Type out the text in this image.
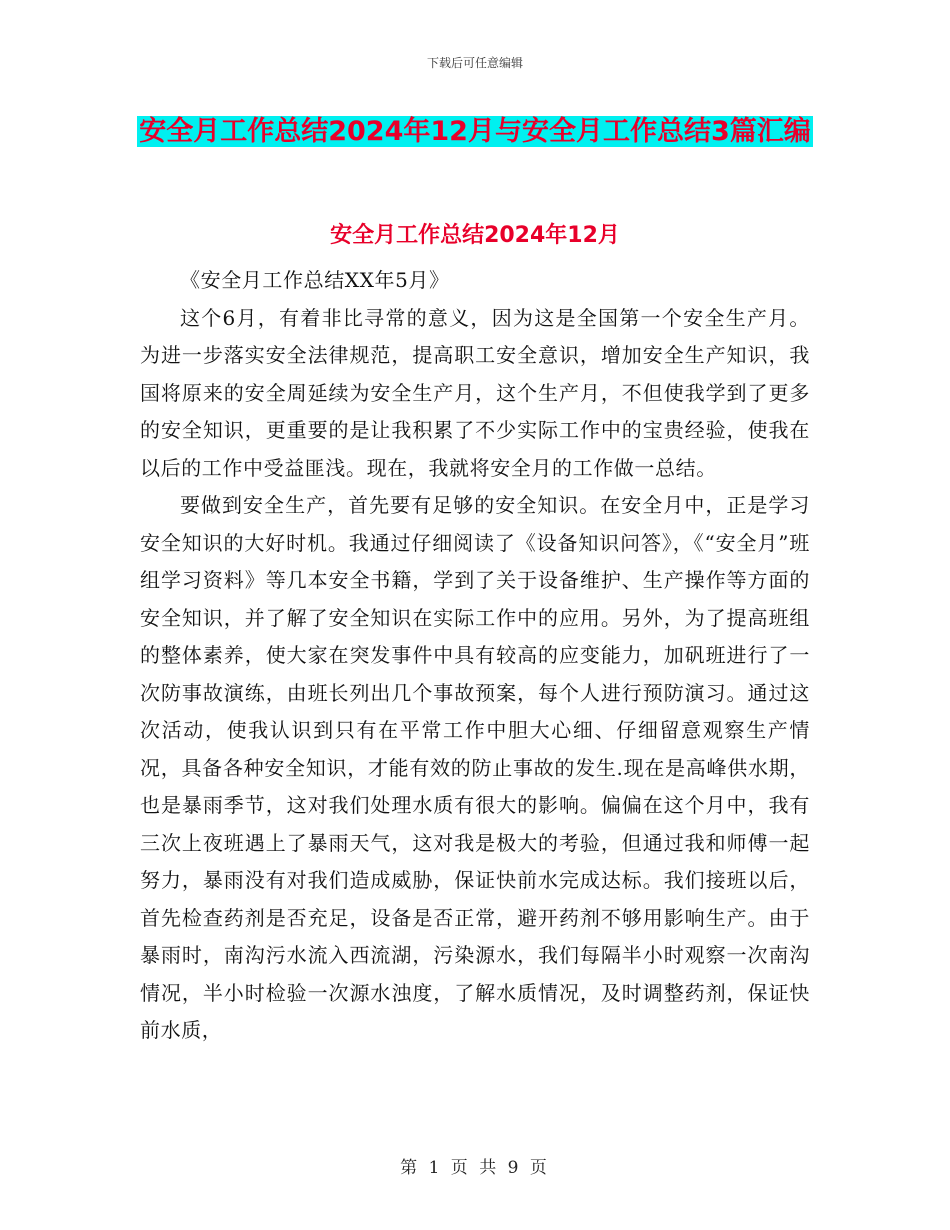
下载后可任意编辑
安全月工作总结2024年12月与安全月工作总结3篇汇编
安全月工作总结2024年12月

《安全月工作总结XX年5月》

这个6月，有着非比寻常的意义，因为这是全国第一个安全生产月。为进一步落实安全法律规范，提高职工安全意识，增加安全生产知识，我国将原来的安全周延续为安全生产月，这个生产月，不但使我学到了更多的安全知识，更重要的是让我积累了不少实际工作中的宝贵经验，使我在以后的工作中受益匪浅。现在，我就将安全月的工作做一总结。

要做到安全生产，首先要有足够的安全知识。在安全月中，正是学习安全知识的大好时机。我通过仔细阅读了《设备知识问答》，《“安全月”班组学习资料》等几本安全书籍，学到了关于设备维护、生产操作等方面的安全知识，并了解了安全知识在实际工作中的应用。另外，为了提高班组的整体素养，使大家在突发事件中具有较高的应变能力，加矾班进行了一次防事故演练，由班长列出几个事故预案，每个人进行预防演习。通过这次活动，使我认识到只有在平常工作中胆大心细、仔细留意观察生产情况，具备各种安全知识，才能有效的防止事故的发生.现在是高峰供水期，也是暴雨季节，这对我们处理水质有很大的影响。偏偏在这个月中，我有三次上夜班遇上了暴雨天气，这对我是极大的考验，但通过我和师傅一起努力，暴雨没有对我们造成威胁，保证快前水完成达标。我们接班以后，首先检查药剂是否充足，设备是否正常，避开药剂不够用影响生产。由于暴雨时，南沟污水流入西流湖，污染源水，我们每隔半小时观察一次南沟情况，半小时检验一次源水浊度，了解水质情况，及时调整药剂，保证快前水质，

第 1 页 共 9 页
